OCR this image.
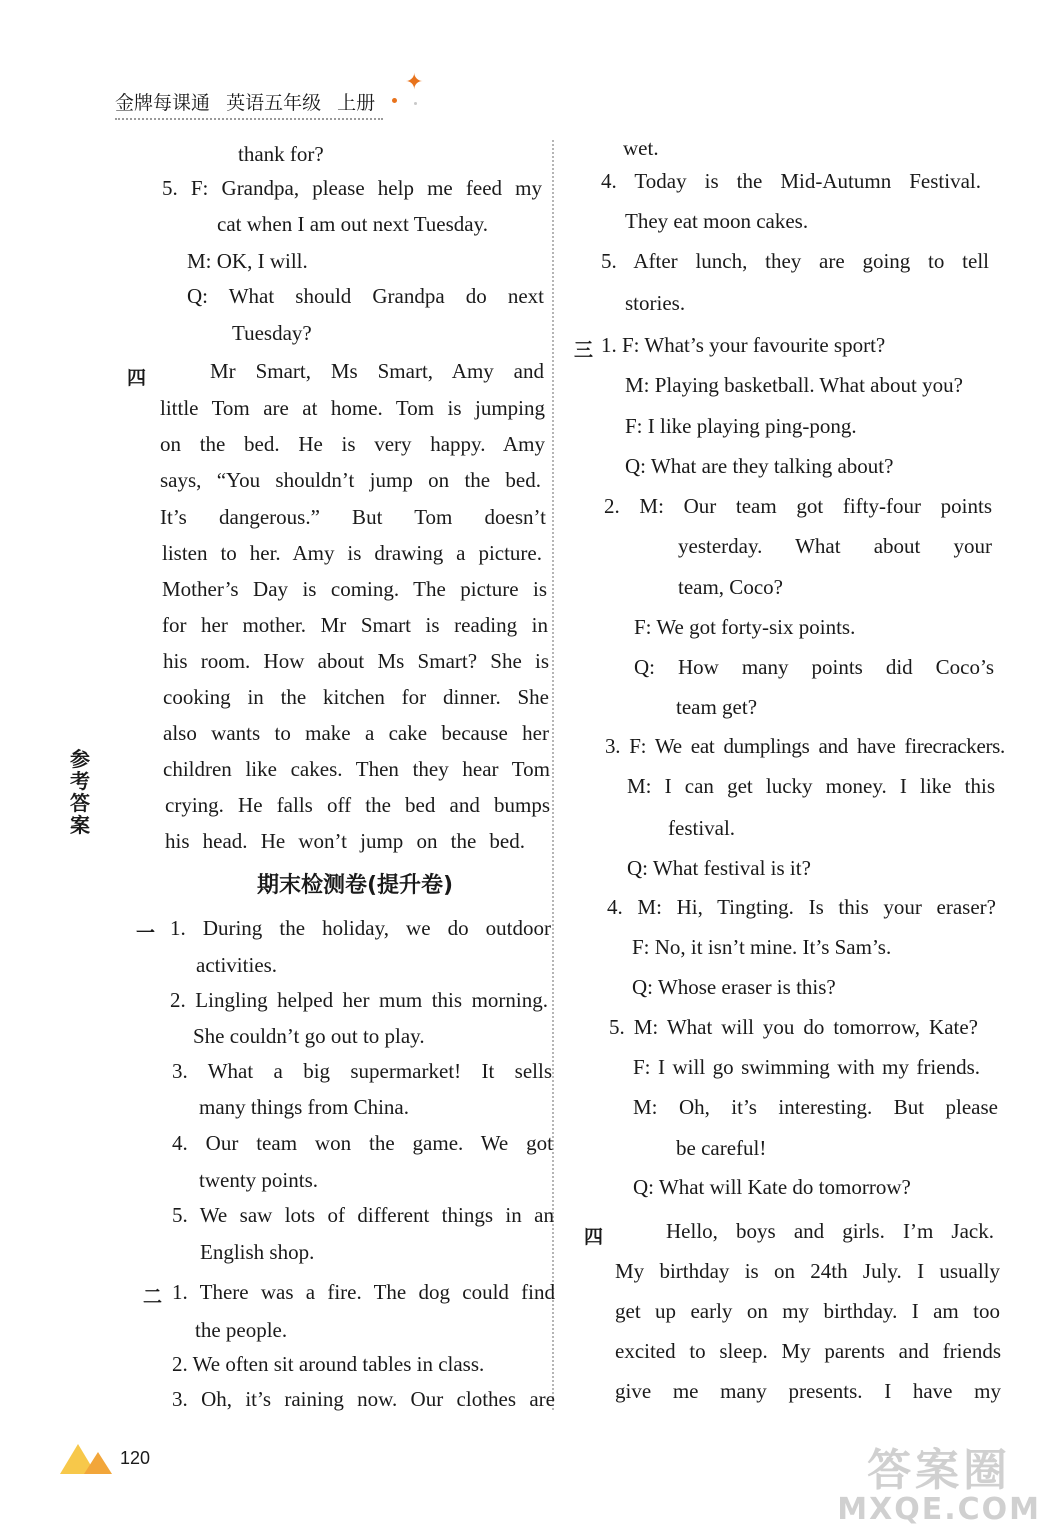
金牌每课通 英语五年级 上册
✦
参考答案
thank for?
5. F: Grandpa, please help me feed my
cat when I am out next Tuesday.
M: OK, I will.
Q: What should Grandpa do next
Tuesday?
四	Mr Smart, Ms Smart, Amy and
little Tom are at home. Tom is jumping
on the bed. He is very happy. Amy
says, “You shouldn’t jump on the bed.
It’s dangerous.” But Tom doesn’t
listen to her. Amy is drawing a picture.
Mother’s Day is coming. The picture is
for her mother. Mr Smart is reading in
his room. How about Ms Smart? She is
cooking in the kitchen for dinner. She
also wants to make a cake because her
children like cakes. Then they hear Tom
crying. He falls off the bed and bumps
his head. He won’t jump on the bed.
期末检测卷(提升卷)
一 1. During the holiday, we do outdoor
activities.
2. Lingling helped her mum this morning.
She couldn’t go out to play.
3. What a big supermarket! It sells
many things from China.
4. Our team won the game. We got
twenty points.
5. We saw lots of different things in an
English shop.
二 1. There was a fire. The dog could find
the people.
2. We often sit around tables in class.
3. Oh, it’s raining now. Our clothes are
wet.
4. Today is the Mid-Autumn Festival.
They eat moon cakes.
5. After lunch, they are going to tell
stories.
三 1. F: What’s your favourite sport?
M: Playing basketball. What about you?
F: I like playing ping-pong.
Q: What are they talking about?
2. M: Our team got fifty-four points
yesterday. What about your
team, Coco?
F: We got forty-six points.
Q: How many points did Coco’s
team get?
3. F: We eat dumplings and have firecrackers.
M: I can get lucky money. I like this
festival.
Q: What festival is it?
4. M: Hi, Tingting. Is this your eraser?
F: No, it isn’t mine. It’s Sam’s.
Q: Whose eraser is this?
5. M: What will you do tomorrow, Kate?
F: I will go swimming with my friends.
M: Oh, it’s interesting. But please
be careful!
Q: What will Kate do tomorrow?
四	Hello, boys and girls. I’m Jack.
My birthday is on 24th July. I usually
get up early on my birthday. I am too
excited to sleep. My parents and friends
give me many presents. I have my
120	答案圈
MXQE.COM
